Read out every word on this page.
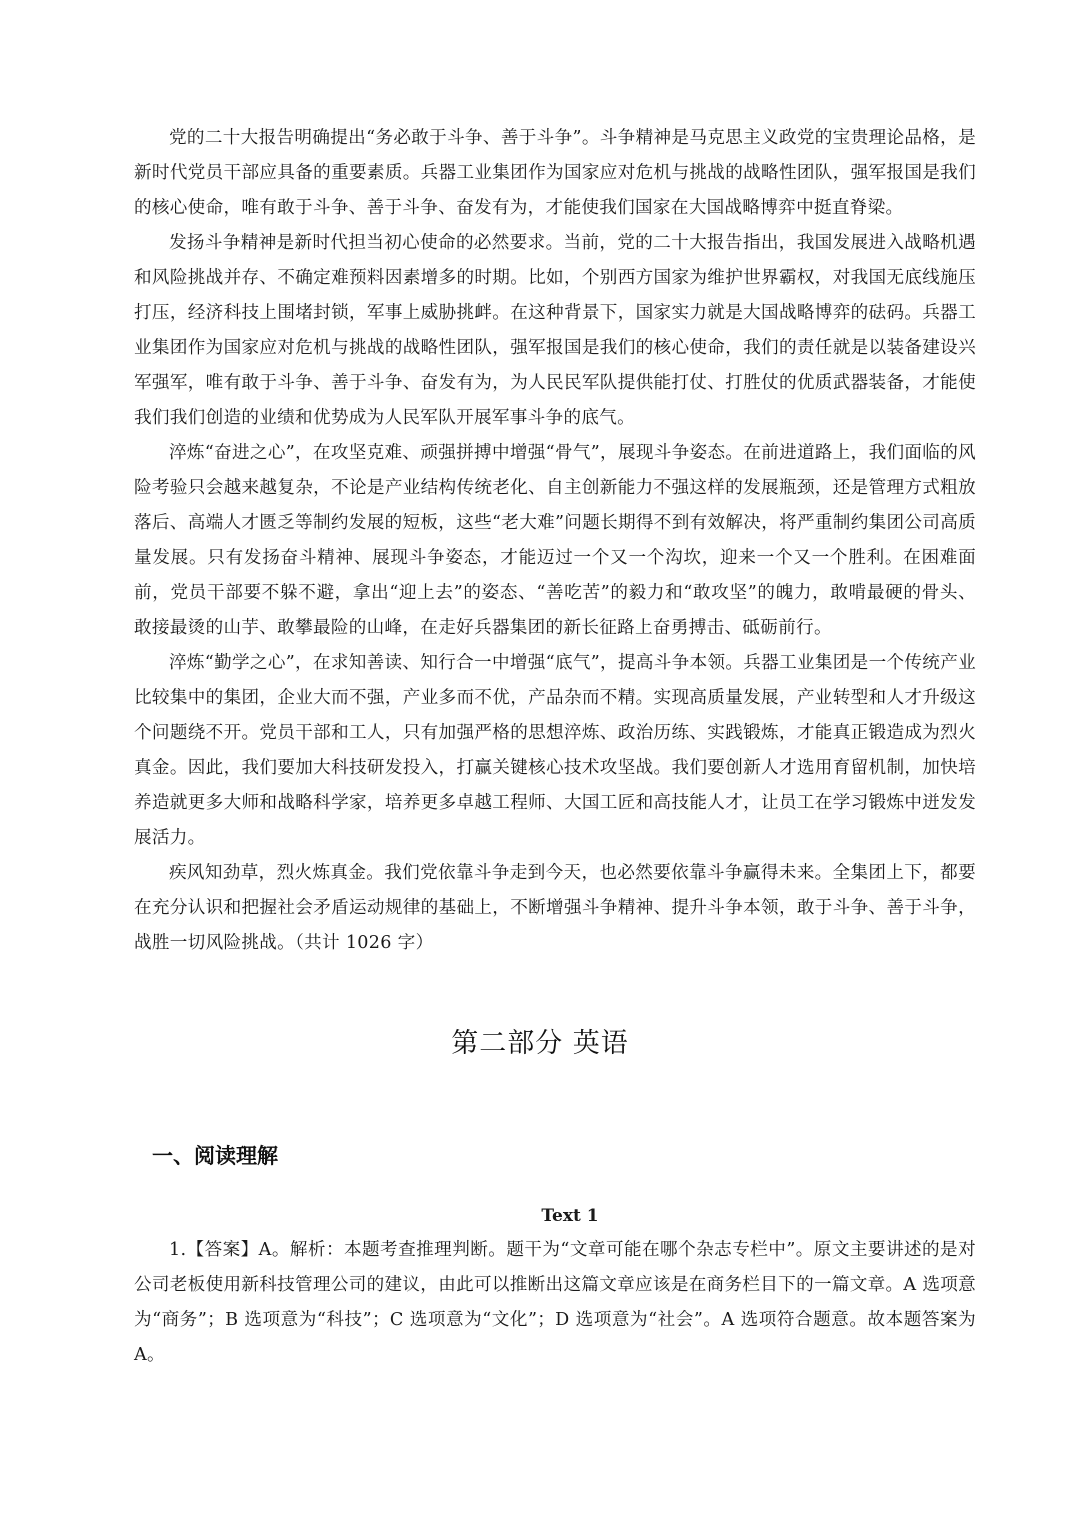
党的二十大报告明确提出“务必敢于斗争、善于斗争”。斗争精神是马克思主义政党的宝贵理论品格，是新时代党员干部应具备的重要素质。兵器工业集团作为国家应对危机与挑战的战略性团队，强军报国是我们的核心使命，唯有敢于斗争、善于斗争、奋发有为，才能使我们国家在大国战略博弈中挺直脊梁。

发扬斗争精神是新时代担当初心使命的必然要求。当前，党的二十大报告指出，我国发展进入战略机遇和风险挑战并存、不确定难预料因素增多的时期。比如，个别西方国家为维护世界霸权，对我国无底线施压打压，经济科技上围堵封锁，军事上威胁挑衅。在这种背景下，国家实力就是大国战略博弈的砝码。兵器工业集团作为国家应对危机与挑战的战略性团队，强军报国是我们的核心使命，我们的责任就是以装备建设兴军强军，唯有敢于斗争、善于斗争、奋发有为，为人民民军队提供能打仗、打胜仗的优质武器装备，才能使我们我们创造的业绩和优势成为人民军队开展军事斗争的底气。

淬炼“奋进之心”，在攻坚克难、顽强拼搏中增强“骨气”，展现斗争姿态。在前进道路上，我们面临的风险考验只会越来越复杂，不论是产业结构传统老化、自主创新能力不强这样的发展瓶颈，还是管理方式粗放落后、高端人才匮乏等制约发展的短板，这些“老大难”问题长期得不到有效解决，将严重制约集团公司高质量发展。只有发扬奋斗精神、展现斗争姿态，才能迈过一个又一个沟坎，迎来一个又一个胜利。在困难面前，党员干部要不躲不避，拿出“迎上去”的姿态、“善吃苦”的毅力和“敢攻坚”的魄力，敢啃最硬的骨头、敢接最烫的山芋、敢攀最险的山峰，在走好兵器集团的新长征路上奋勇搏击、砥砺前行。

淬炼“勤学之心”，在求知善读、知行合一中增强“底气”，提高斗争本领。兵器工业集团是一个传统产业比较集中的集团，企业大而不强，产业多而不优，产品杂而不精。实现高质量发展，产业转型和人才升级这个问题绕不开。党员干部和工人，只有加强严格的思想淬炼、政治历练、实践锻炼，才能真正锻造成为烈火真金。因此，我们要加大科技研发投入，打赢关键核心技术攻坚战。我们要创新人才选用育留机制，加快培养造就更多大师和战略科学家，培养更多卓越工程师、大国工匠和高技能人才，让员工在学习锻炼中迸发发展活力。

疾风知劲草，烈火炼真金。我们党依靠斗争走到今天，也必然要依靠斗争赢得未来。全集团上下，都要在充分认识和把握社会矛盾运动规律的基础上，不断增强斗争精神、提升斗争本领，敢于斗争、善于斗争，战胜一切风险挑战。（共计 1026 字）

第二部分 英语
一、阅读理解
Text 1

1.【答案】A。解析：本题考查推理判断。题干为“文章可能在哪个杂志专栏中”。原文主要讲述的是对公司老板使用新科技管理公司的建议，由此可以推断出这篇文章应该是在商务栏目下的一篇文章。A 选项意为“商务”；B 选项意为“科技”；C 选项意为“文化”；D 选项意为“社会”。A 选项符合题意。故本题答案为 A。
